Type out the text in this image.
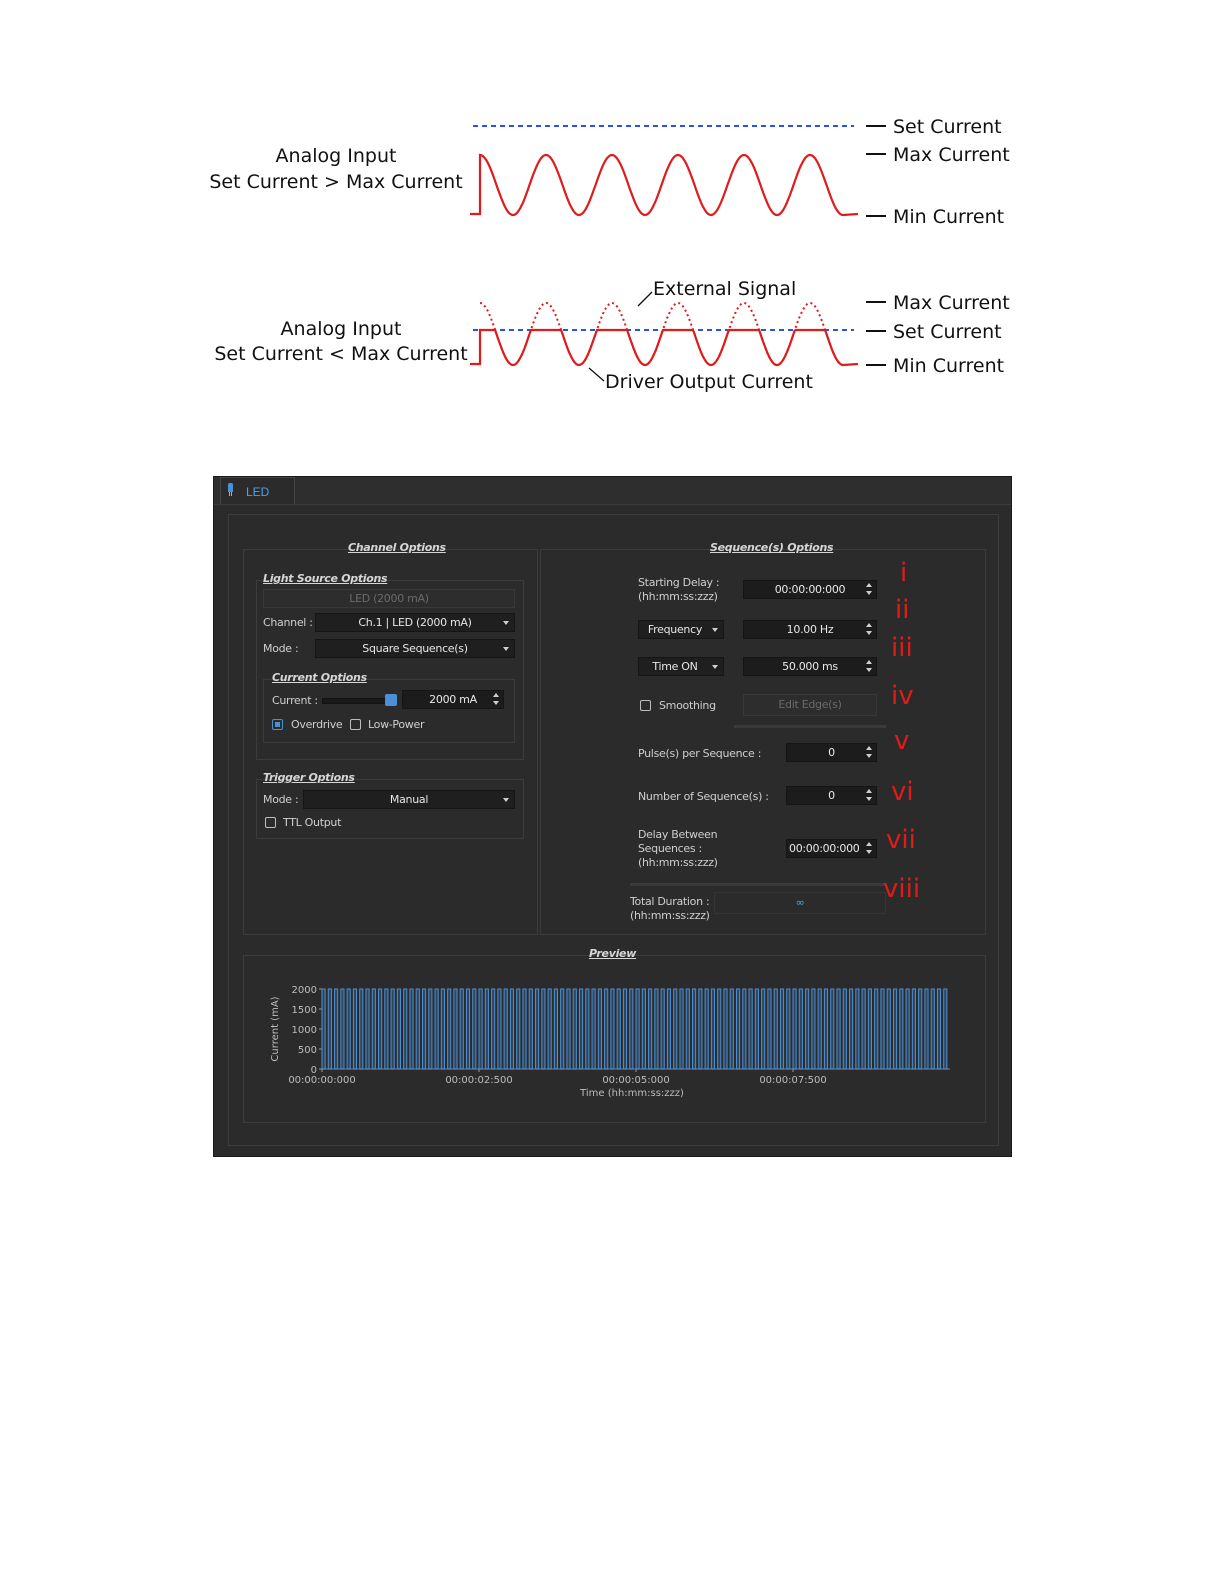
Analog Input
Set Current > Max Current
Set Current
Max Current
Min Current
Analog Input
Set Current < Max Current
External Signal
Driver Output Current
Max Current
Set Current
Min Current
LED
Channel Options
Light Source Options
LED (2000 mA)
Channel :	Ch.1 | LED (2000 mA)
Mode :	Square Sequence(s)
Current Options
Current :	2000 mA
Overdrive Low-Power
Trigger Options
Mode :	Manual
TTL Output
Sequence(s) Options
Starting Delay :
(hh:mm:ss:zzz)
00:00:00:000
Frequency	10.00 Hz
Time ON	50.000 ms
Smoothing	Edit Edge(s)
Pulse(s) per Sequence :	0
Number of Sequence(s) :	0
Delay Between
Sequences :
(hh:mm:ss:zzz)
00:00:00:000
Total Duration :
(hh:mm:ss:zzz)
∞
i
ii
iii
iv
v
vi
vii
viii
Preview
2000
1500
1000
500
0
00:00:00:000	00:00:02:500	00:00:05:000	00:00:07:500
Current (mA)
Time (hh:mm:ss:zzz)
